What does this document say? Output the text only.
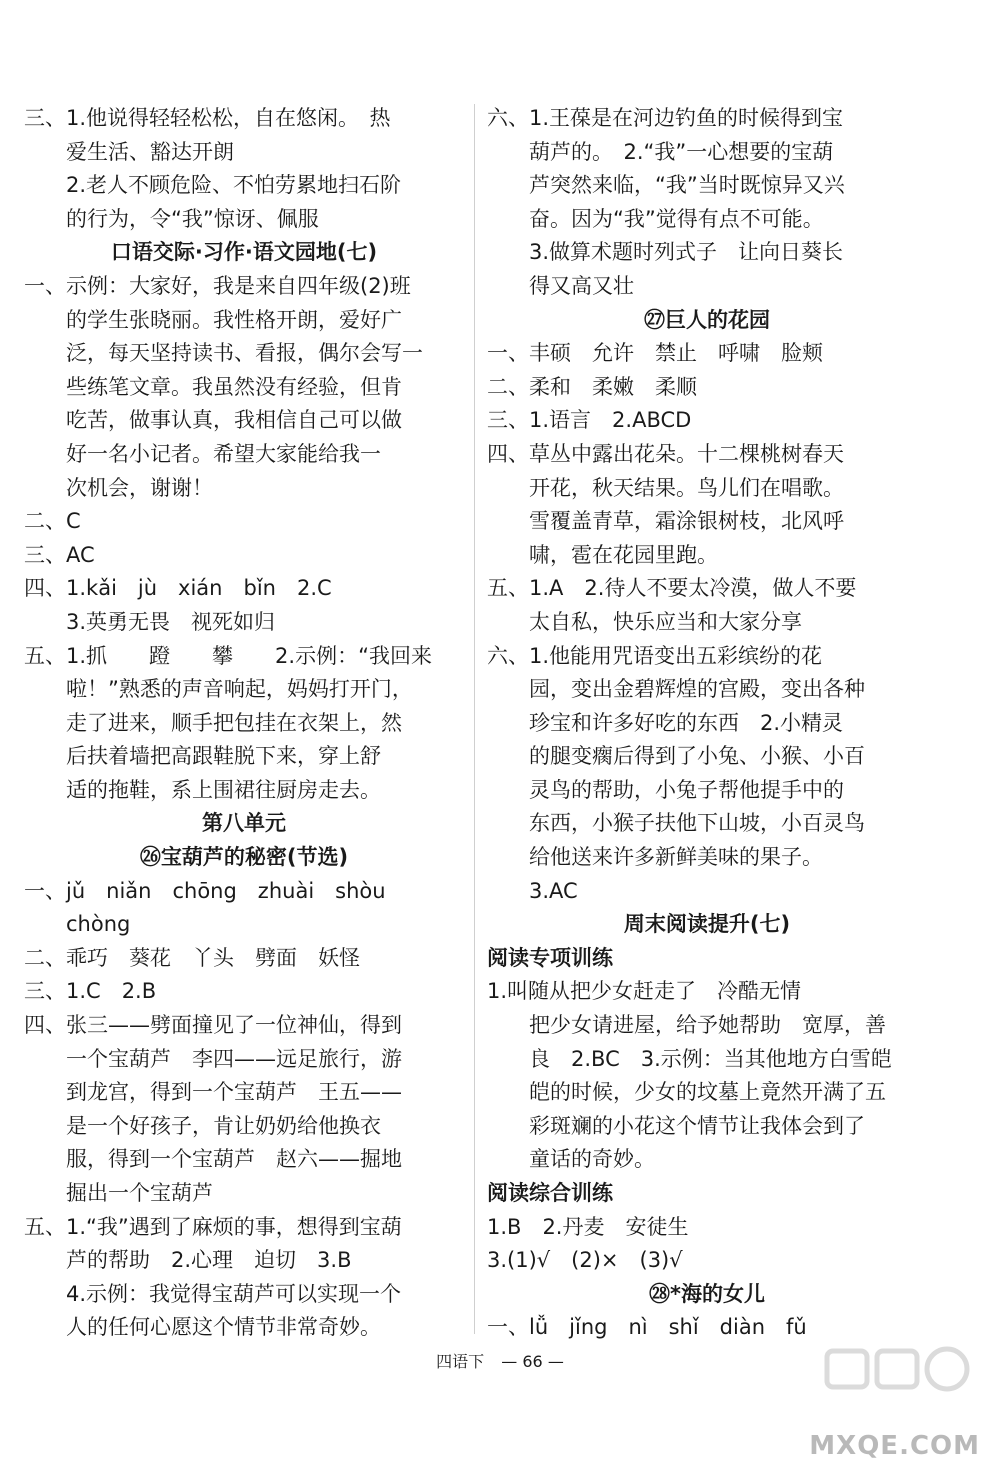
三、1.他说得轻轻松松，自在悠闲。　热
爱生活、豁达开朗
2.老人不顾危险、不怕劳累地扫石阶
的行为，令“我”惊讶、佩服
口语交际·习作·语文园地(七)
一、示例：大家好，我是来自四年级(2)班
的学生张晓丽。我性格开朗，爱好广
泛，每天坚持读书、看报，偶尔会写一
些练笔文章。我虽然没有经验，但肯
吃苦，做事认真，我相信自己可以做
好一名小记者。希望大家能给我一
次机会，谢谢！
二、C
三、AC
四、1.kǎi　jù　xián　bǐn　2.C
3.英勇无畏　视死如归
五、1.抓　　蹬　　攀　　2.示例：“我回来
啦！”熟悉的声音响起，妈妈打开门，
走了进来，顺手把包挂在衣架上，然
后扶着墙把高跟鞋脱下来，穿上舒
适的拖鞋，系上围裙往厨房走去。
第八单元
㉖宝葫芦的秘密(节选)
一、jǔ　niǎn　chōng　zhuài　shòu
chòng
二、乖巧　葵花　丫头　劈面　妖怪
三、1.C　2.B
四、张三——劈面撞见了一位神仙，得到
一个宝葫芦　李四——远足旅行，游
到龙宫，得到一个宝葫芦　王五——
是一个好孩子，肯让奶奶给他换衣
服，得到一个宝葫芦　赵六——掘地
掘出一个宝葫芦
五、1.“我”遇到了麻烦的事，想得到宝葫
芦的帮助　2.心理　迫切　3.B
4.示例：我觉得宝葫芦可以实现一个
人的任何心愿这个情节非常奇妙。
六、1.王葆是在河边钓鱼的时候得到宝
葫芦的。　2.“我”一心想要的宝葫
芦突然来临，“我”当时既惊异又兴
奋。因为“我”觉得有点不可能。
3.做算术题时列式子　让向日葵长
得又高又壮
㉗巨人的花园
一、丰硕　允许　禁止　呼啸　脸颊
二、柔和　柔嫩　柔顺
三、1.语言　2.ABCD
四、草丛中露出花朵。十二棵桃树春天
开花，秋天结果。鸟儿们在唱歌。
雪覆盖青草，霜涂银树枝，北风呼
啸，雹在花园里跑。
五、1.A　2.待人不要太冷漠，做人不要
太自私，快乐应当和大家分享
六、1.他能用咒语变出五彩缤纷的花
园，变出金碧辉煌的宫殿，变出各种
珍宝和许多好吃的东西　2.小精灵
的腿变瘸后得到了小兔、小猴、小百
灵鸟的帮助，小兔子帮他提手中的
东西，小猴子扶他下山坡，小百灵鸟
给他送来许多新鲜美味的果子。
3.AC
周末阅读提升(七)
阅读专项训练
1.叫随从把少女赶走了　冷酷无情
把少女请进屋，给予她帮助　宽厚，善
良　2.BC　3.示例：当其他地方白雪皑
皑的时候，少女的坟墓上竟然开满了五
彩斑斓的小花这个情节让我体会到了
童话的奇妙。
阅读综合训练
1.B　2.丹麦　安徒生
3.(1)√　(2)×　(3)√
㉘*海的女儿
一、lǚ　jǐng　nì　shǐ　diàn　fǔ
四语下 — 66 —
MXQE.COM
